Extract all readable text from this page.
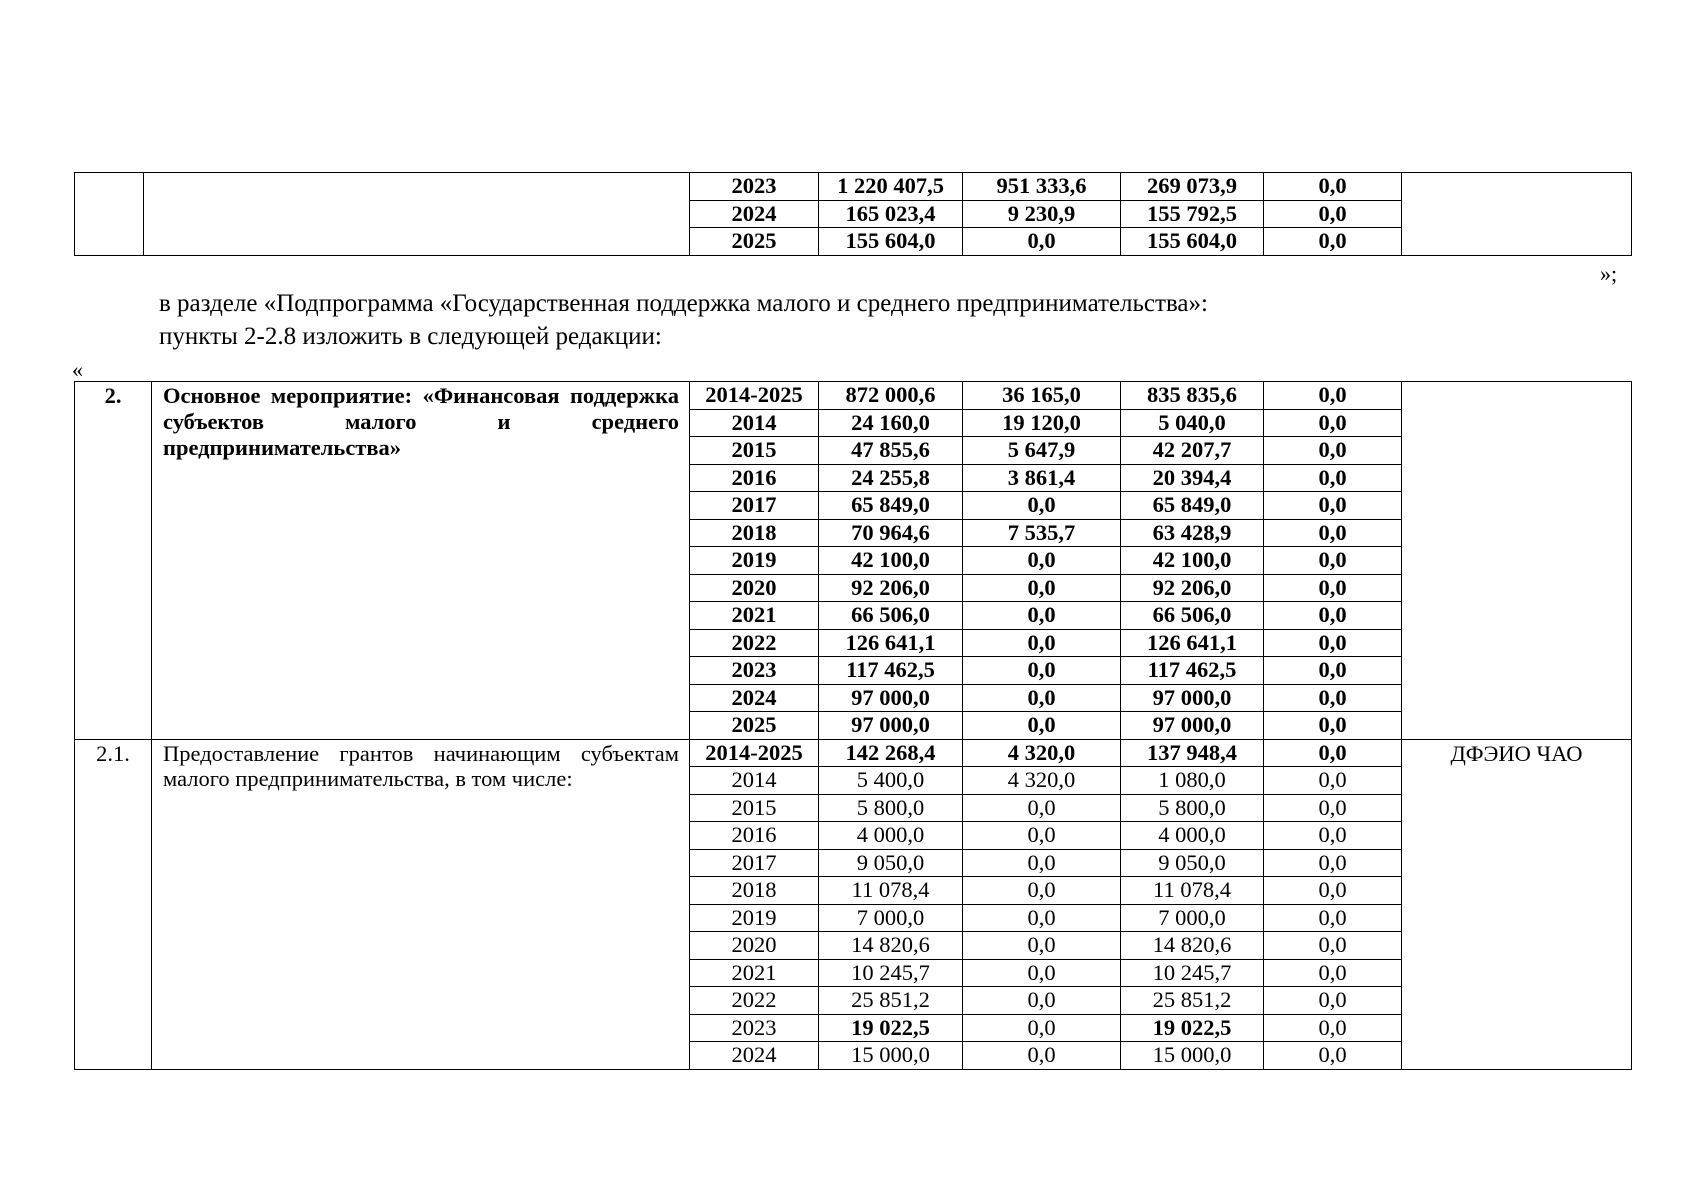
		2023	1 220 407,5	951 333,6	269 073,9	0,0	
		2024	165 023,4	9 230,9	155 792,5	0,0	
		2025	155 604,0	0,0	155 604,0	0,0	
»;
в разделе «Подпрограмма «Государственная поддержка малого и среднего предпринимательства»:
пункты 2-2.8 изложить в следующей редакции:
«
2.	Основное мероприятие: «Финансовая поддержка субъектов малого и среднего предпринимательства»	2014-2025	872 000,6	36 165,0	835 835,6	0,0	
		2014	24 160,0	19 120,0	5 040,0	0,0	
		2015	47 855,6	5 647,9	42 207,7	0,0	
		2016	24 255,8	3 861,4	20 394,4	0,0	
		2017	65 849,0	0,0	65 849,0	0,0	
		2018	70 964,6	7 535,7	63 428,9	0,0	
		2019	42 100,0	0,0	42 100,0	0,0	
		2020	92 206,0	0,0	92 206,0	0,0	
		2021	66 506,0	0,0	66 506,0	0,0	
		2022	126 641,1	0,0	126 641,1	0,0	
		2023	117 462,5	0,0	117 462,5	0,0	
		2024	97 000,0	0,0	97 000,0	0,0	
		2025	97 000,0	0,0	97 000,0	0,0	
2.1.	Предоставление грантов начинающим субъектам малого предпринимательства, в том числе:	2014-2025	142 268,4	4 320,0	137 948,4	0,0	ДФЭИО ЧАО
		2014	5 400,0	4 320,0	1 080,0	0,0	
		2015	5 800,0	0,0	5 800,0	0,0	
		2016	4 000,0	0,0	4 000,0	0,0	
		2017	9 050,0	0,0	9 050,0	0,0	
		2018	11 078,4	0,0	11 078,4	0,0	
		2019	7 000,0	0,0	7 000,0	0,0	
		2020	14 820,6	0,0	14 820,6	0,0	
		2021	10 245,7	0,0	10 245,7	0,0	
		2022	25 851,2	0,0	25 851,2	0,0	
		2023	19 022,5	0,0	19 022,5	0,0	
		2024	15 000,0	0,0	15 000,0	0,0	
